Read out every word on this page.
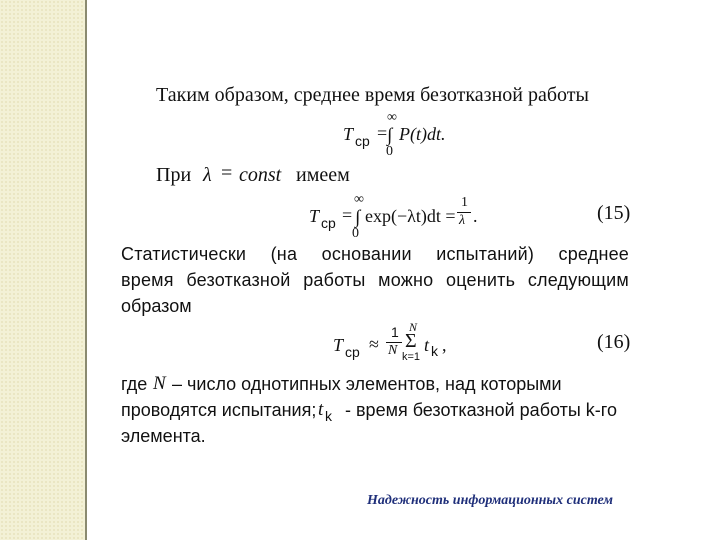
Таким образом, среднее время безотказной работы
T ср =
∞
∫
0
P(t)dt.
При λ = const имеем
T ср =
∞
∫
0
exp(−λt)dt =
1
λ .	(15)
Статистически (на основании испытаний) среднее
время безотказной работы можно оценить следующим
образом
T ср ≈
1
N
N
Σ
k=1
t k ,	(16)
где N – число однотипных элементов, над которыми
проводятся испытания; t k - время безотказной работы k-го
элемента.
Надежность информационных систем
